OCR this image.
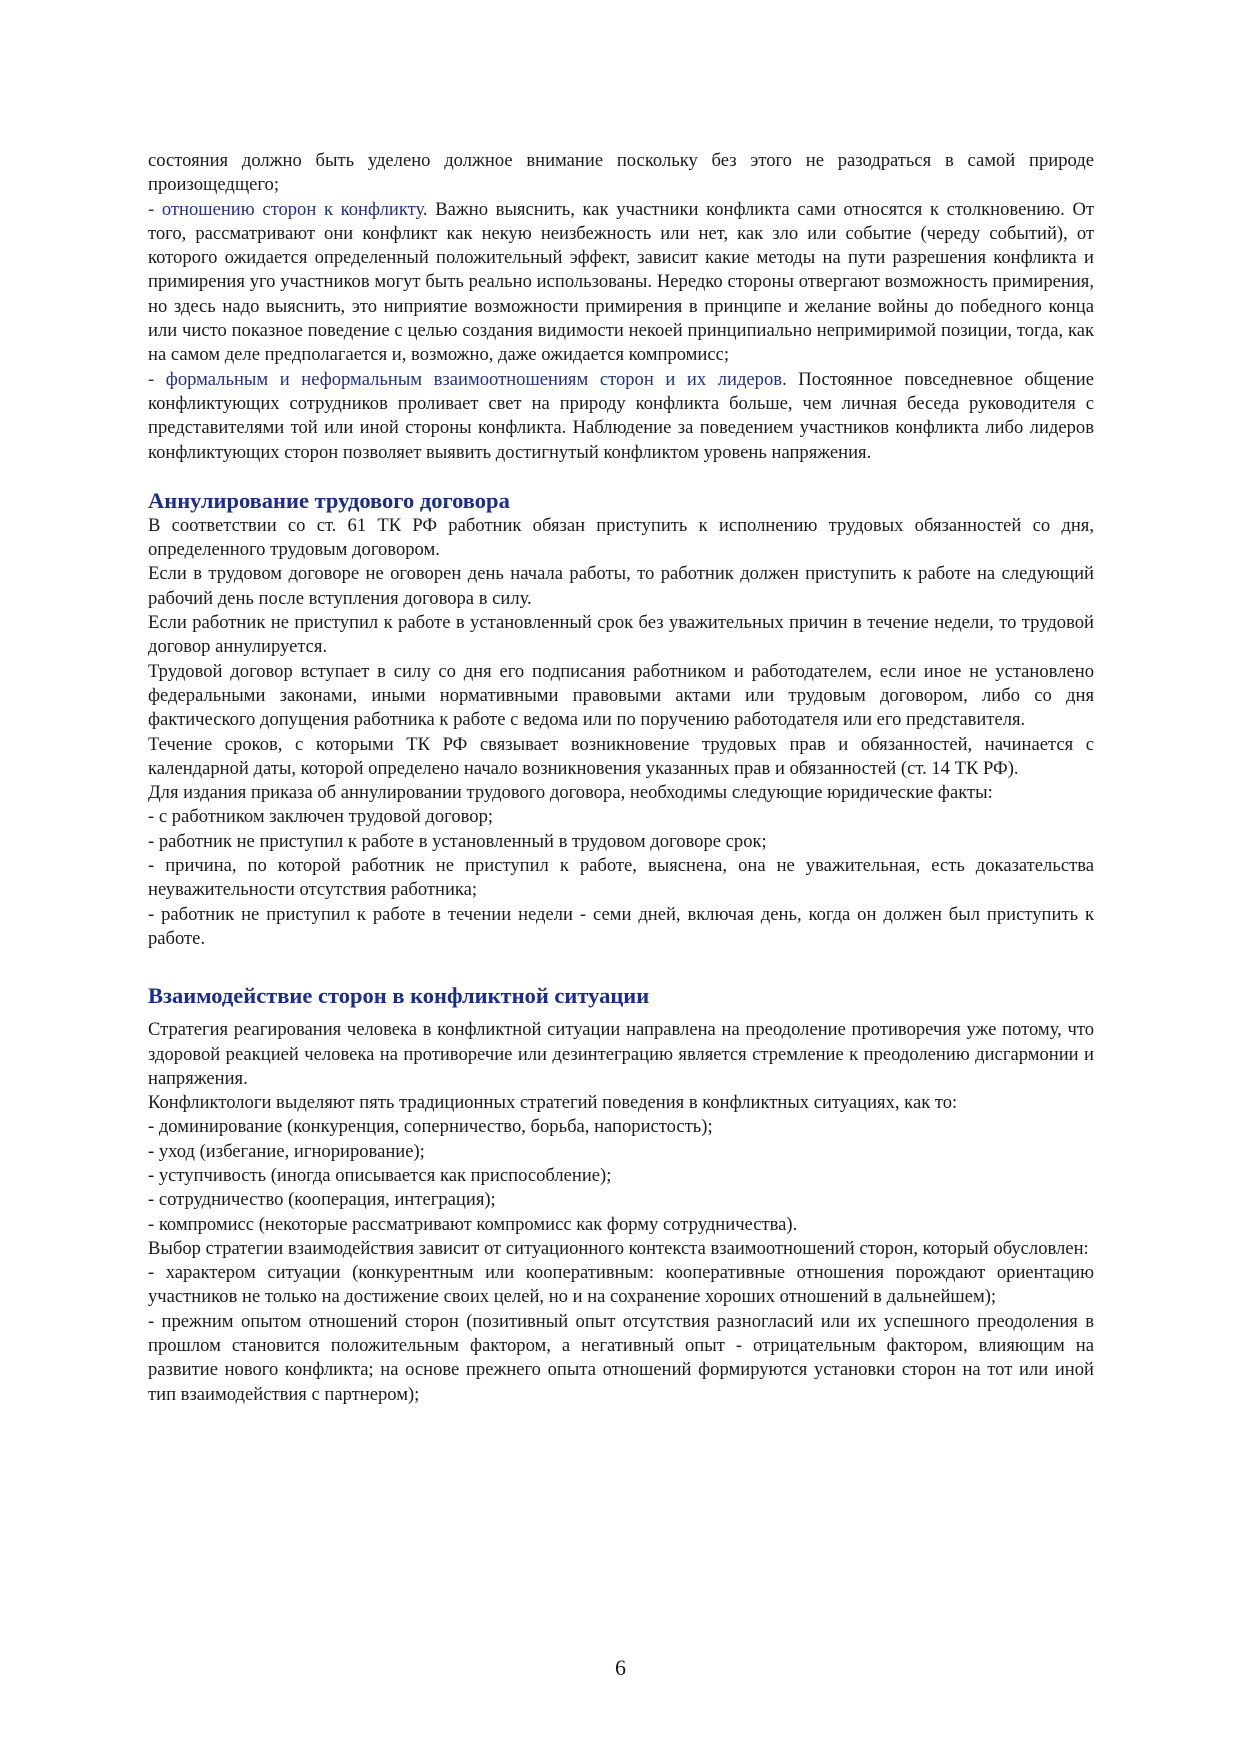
состояния должно быть уделено должное внимание поскольку без этого не разодраться в самой природе произощедщего;

- отношению сторон к конфликту. Важно выяснить, как участники конфликта сами относятся к столкновению. От того, рассматривают они конфликт как некую неизбежность или нет, как зло или событие (череду событий), от которого ожидается определенный положительный эффект, зависит какие методы на пути разрешения конфликта и примирения уго участников могут быть реально использованы. Нередко стороны отвергают возможность примирения, но здесь надо выяснить, это ниприятие возможности примирения в принципе и желание войны до победного конца или чисто показное поведение с целью создания видимости некоей принципиально непримиримой позиции, тогда, как на самом деле предполагается и, возможно, даже ожидается компромисс;

- формальным и неформальным взаимоотношениям сторон и их лидеров. Постоянное повседневное общение конфликтующих сотрудников проливает свет на природу конфликта больше, чем личная беседа руководителя с представителями той или иной стороны конфликта. Наблюдение за поведением участников конфликта либо лидеров конфликтующих сторон позволяет выявить достигнутый конфликтом уровень напряжения.

Аннулирование трудового договора

В соответствии со ст. 61 ТК РФ работник обязан приступить к исполнению трудовых обязанностей со дня, определенного трудовым договором.

Если в трудовом договоре не оговорен день начала работы, то работник должен приступить к работе на следующий рабочий день после вступления договора в силу.

Если работник не приступил к работе в установленный срок без уважительных причин в течение недели, то трудовой договор аннулируется.

Трудовой договор вступает в силу со дня его подписания работником и работодателем, если иное не установлено федеральными законами, иными нормативными правовыми актами или трудовым договором, либо со дня фактического допущения работника к работе с ведома или по поручению работодателя или его представителя.

Течение сроков, с которыми ТК РФ связывает возникновение трудовых прав и обязанностей, начинается с календарной даты, которой определено начало возникновения указанных прав и обязанностей (ст. 14 ТК РФ).

Для издания приказа об аннулировании трудового договора, необходимы следующие юридические факты:

- с работником заключен трудовой договор;

- работник не приступил к работе в установленный в трудовом договоре срок;

- причина, по которой работник не приступил к работе, выяснена, она не уважительная, есть доказательства неуважительности отсутствия работника;

- работник не приступил к работе в течении недели - семи дней, включая день, когда он должен был приступить к работе.

Взаимодействие сторон в конфликтной ситуации

Стратегия реагирования человека в конфликтной ситуации направлена на преодоление противоречия уже потому, что здоровой реакцией человека на противоречие или дезинтеграцию является стремление к преодолению дисгармонии и напряжения.

Конфликтологи выделяют пять традиционных стратегий поведения в конфликтных ситуациях, как то:

- доминирование (конкуренция, соперничество, борьба, напористость);

- уход (избегание, игнорирование);

- уступчивость (иногда описывается как приспособление);

- сотрудничество (кооперация, интеграция);

- компромисс (некоторые рассматривают компромисс как форму сотрудничества).

Выбор стратегии взаимодействия зависит от ситуационного контекста взаимоотношений сторон, который обусловлен:

- характером ситуации (конкурентным или кооперативным: кооперативные отношения порождают ориентацию участников не только на достижение своих целей, но и на сохранение хороших отношений в дальнейшем);

- прежним опытом отношений сторон (позитивный опыт отсутствия разногласий или их успешного преодоления в прошлом становится положительным фактором, а негативный опыт - отрицательным фактором, влияющим на развитие нового конфликта; на основе прежнего опыта отношений формируются установки сторон на тот или иной тип взаимодействия с партнером);

6
